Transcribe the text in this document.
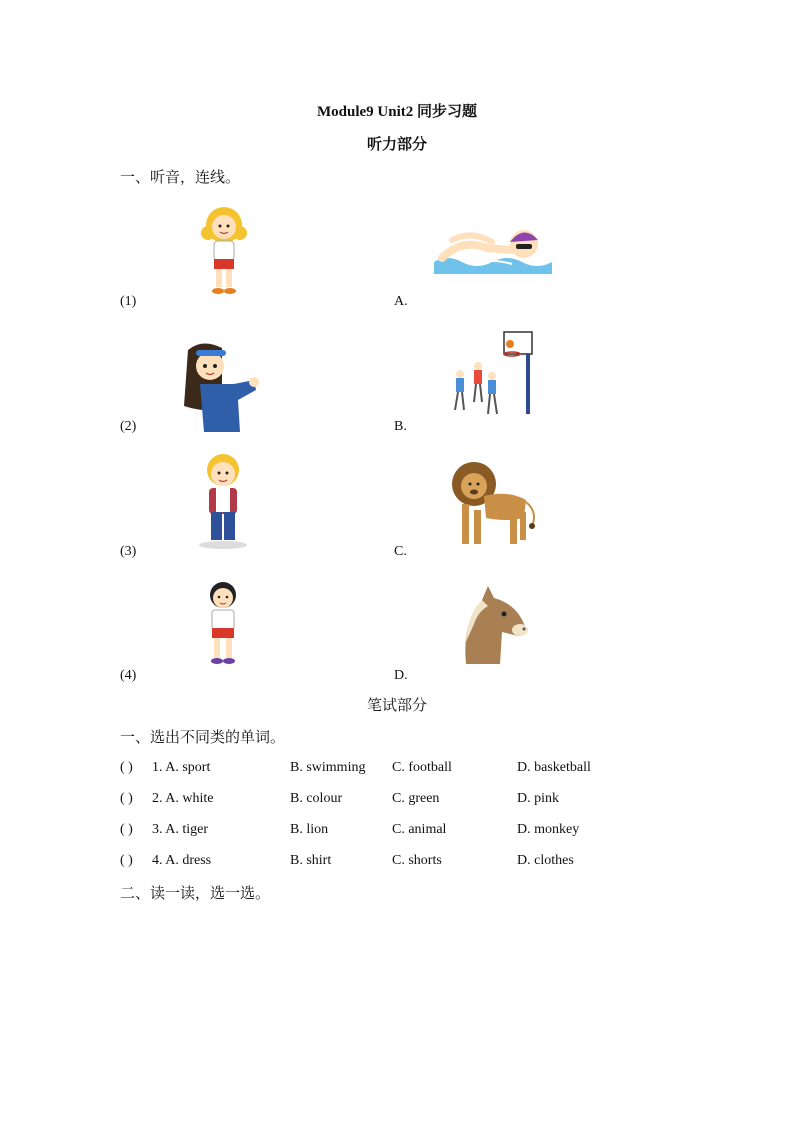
Module9 Unit2 同步习题
听力部分
一、听音，连线。
(1)	A.
(2)	B.
(3)	C.
(4)	D.
笔试部分
一、选出不同类的单词。
( ) 1. A. sport	B. swimming C. football	D. basketball
( ) 2. A. white	B. colour	C. green	D. pink
( ) 3. A. tiger	B. lion	C. animal	D. monkey
( ) 4. A. dress	B. shirt	C. shorts	D. clothes
二、读一读，选一选。
